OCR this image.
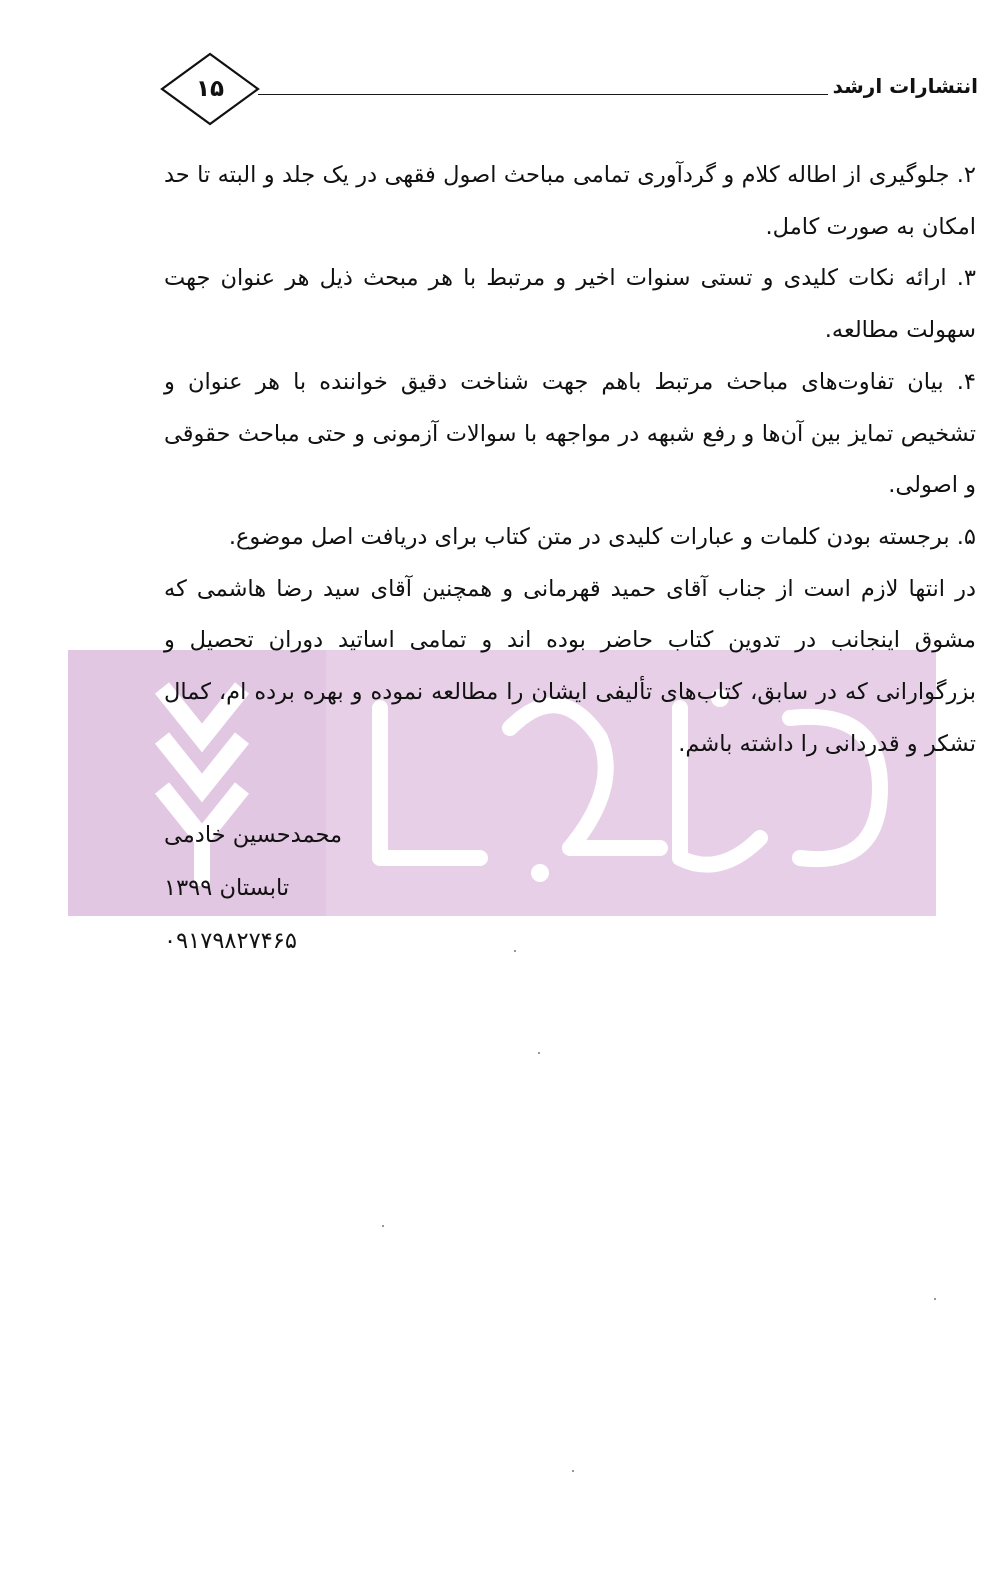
۱۵	انتشارات ارشد

۲. جلوگیری از اطاله کلام و گردآوری تمامی مباحث اصول فقهی در یک جلد و البته تا حد امکان به صورت کامل.

۳. ارائه نکات کلیدی و تستی سنوات اخیر و مرتبط با هر مبحث ذیل هر عنوان جهت سهولت مطالعه.

۴. بیان تفاوت‌های مباحث مرتبط باهم جهت شناخت دقیق خواننده با هر عنوان و تشخیص تمایز بین آن‌ها و رفع شبهه در مواجهه با سوالات آزمونی و حتی مباحث حقوقی و اصولی.

۵. برجسته بودن کلمات و عبارات کلیدی در متن کتاب برای دریافت اصل موضوع.

در انتها لازم است از جناب آقای حمید قهرمانی و همچنین آقای سید رضا هاشمی که مشوق اینجانب در تدوین کتاب حاضر بوده اند و تمامی اساتید دوران تحصیل و بزرگوارانی که در سابق، کتاب‌های تألیفی ایشان را مطالعه نموده و بهره برده ام، کمال تشکر و قدردانی را داشته باشم.

محمدحسین خادمی
تابستان ۱۳۹۹
۰۹۱۷۹۸۲۷۴۶۵
